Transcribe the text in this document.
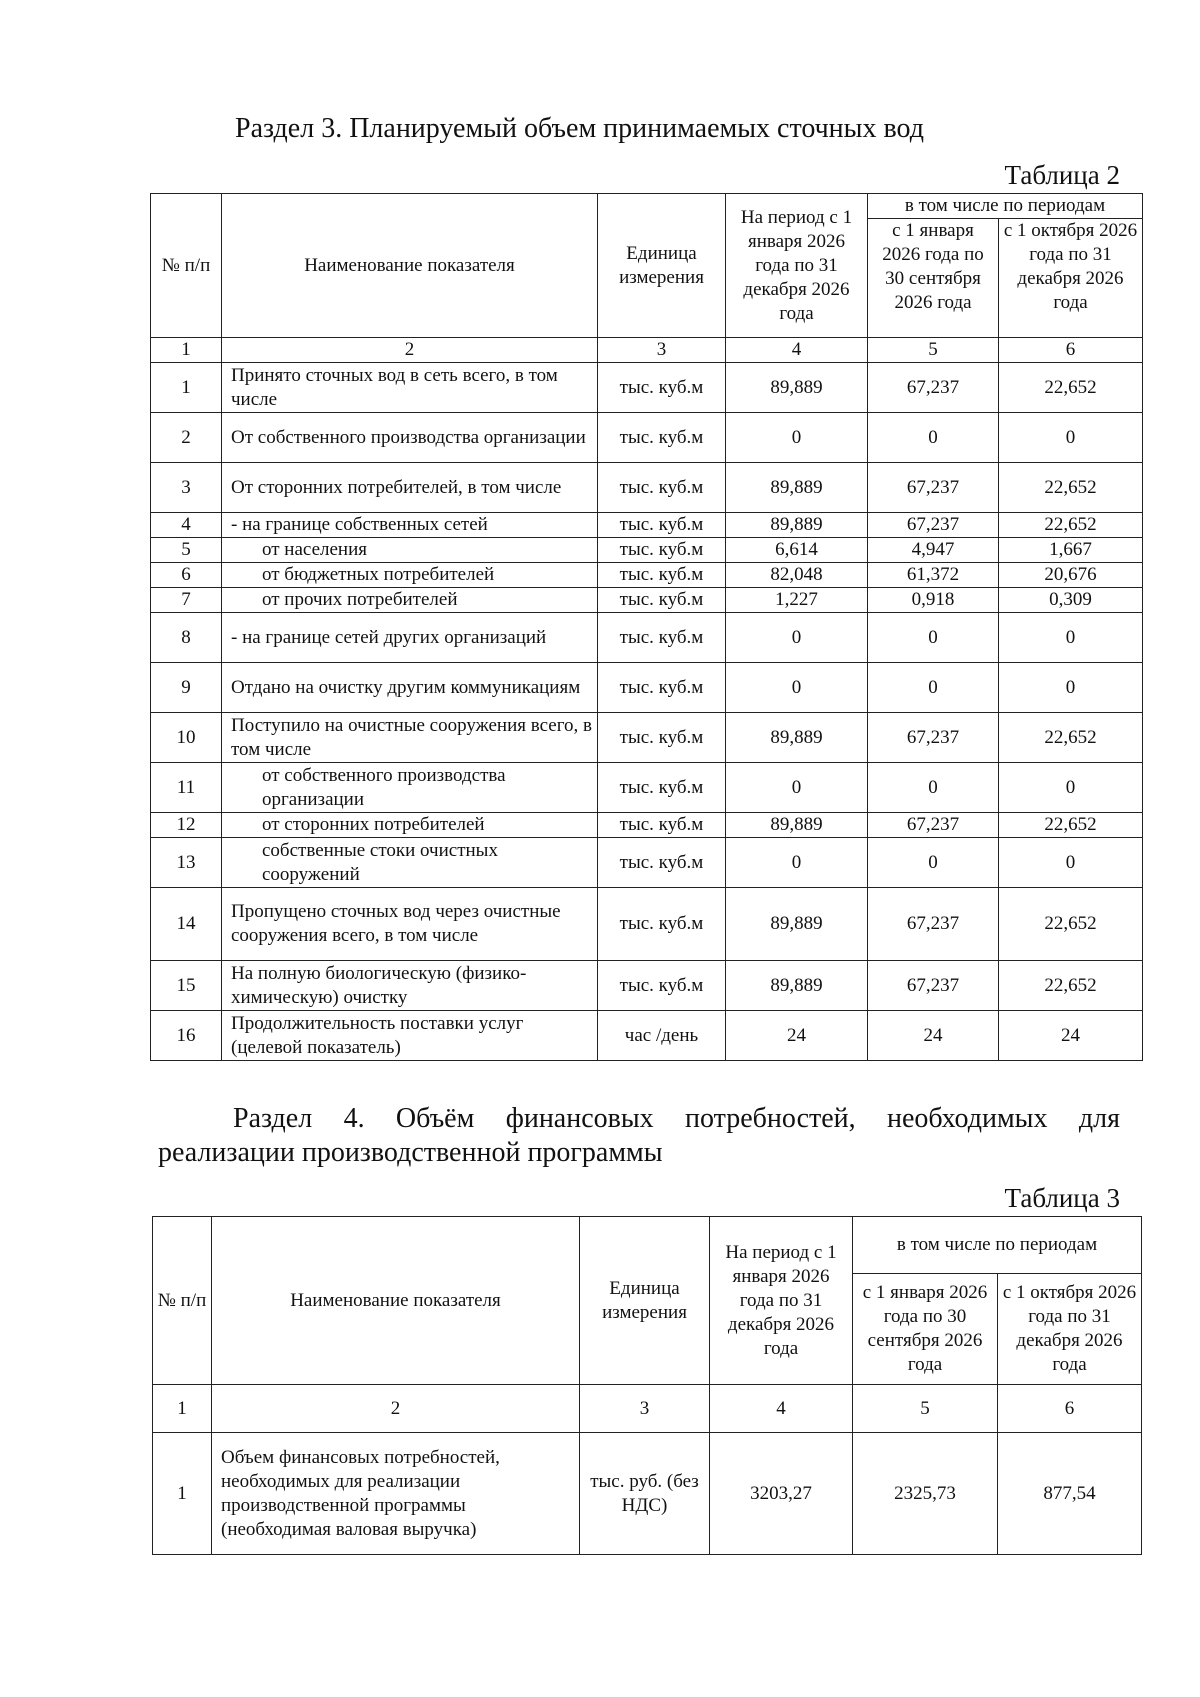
Раздел 3. Планируемый объем принимаемых сточных вод
Таблица 2
№ п/п	Наименование показателя	Единица измерения	На период с 1 января 2026 года по 31 декабря 2026 года	в том числе по периодам	
				с 1 января 2026 года по 30 сентября 2026 года	с 1 октября 2026 года по 31 декабря 2026 года
1	2	3	4	5	6
1	Принято сточных вод в сеть всего, в том числе	тыс. куб.м	89,889	67,237	22,652
2	От собственного производства организации	тыс. куб.м	0	0	0
3	От сторонних потребителей, в том числе	тыс. куб.м	89,889	67,237	22,652
4	- на границе собственных сетей	тыс. куб.м	89,889	67,237	22,652
5	от населения	тыс. куб.м	6,614	4,947	1,667
6	от бюджетных потребителей	тыс. куб.м	82,048	61,372	20,676
7	от прочих потребителей	тыс. куб.м	1,227	0,918	0,309
8	- на границе сетей других организаций	тыс. куб.м	0	0	0
9	Отдано на очистку другим коммуникациям	тыс. куб.м	0	0	0
10	Поступило на очистные сооружения всего, в том числе	тыс. куб.м	89,889	67,237	22,652
11	от собственного производства организации	тыс. куб.м	0	0	0
12	от сторонних потребителей	тыс. куб.м	89,889	67,237	22,652
13	собственные стоки очистных сооружений	тыс. куб.м	0	0	0
14	Пропущено сточных вод через очистные сооружения всего, в том числе	тыс. куб.м	89,889	67,237	22,652
15	На полную биологическую (физико-химическую) очистку	тыс. куб.м	89,889	67,237	22,652
16	Продолжительность поставки услуг (целевой показатель)	час /день	24	24	24
Раздел 4. Объём финансовых потребностей, необходимых для
реализации производственной программы
Таблица 3
№ п/п	Наименование показателя	Единица измерения	На период с 1 января 2026 года по 31 декабря 2026 года	в том числе по периодам	
				с 1 января 2026 года по 30 сентября 2026 года	с 1 октября 2026 года по 31 декабря 2026 года
1	2	3	4	5	6
1	Объем финансовых потребностей, необходимых для реализации производственной программы (необходимая валовая выручка)	тыс. руб. (без НДС)	3203,27	2325,73	877,54
